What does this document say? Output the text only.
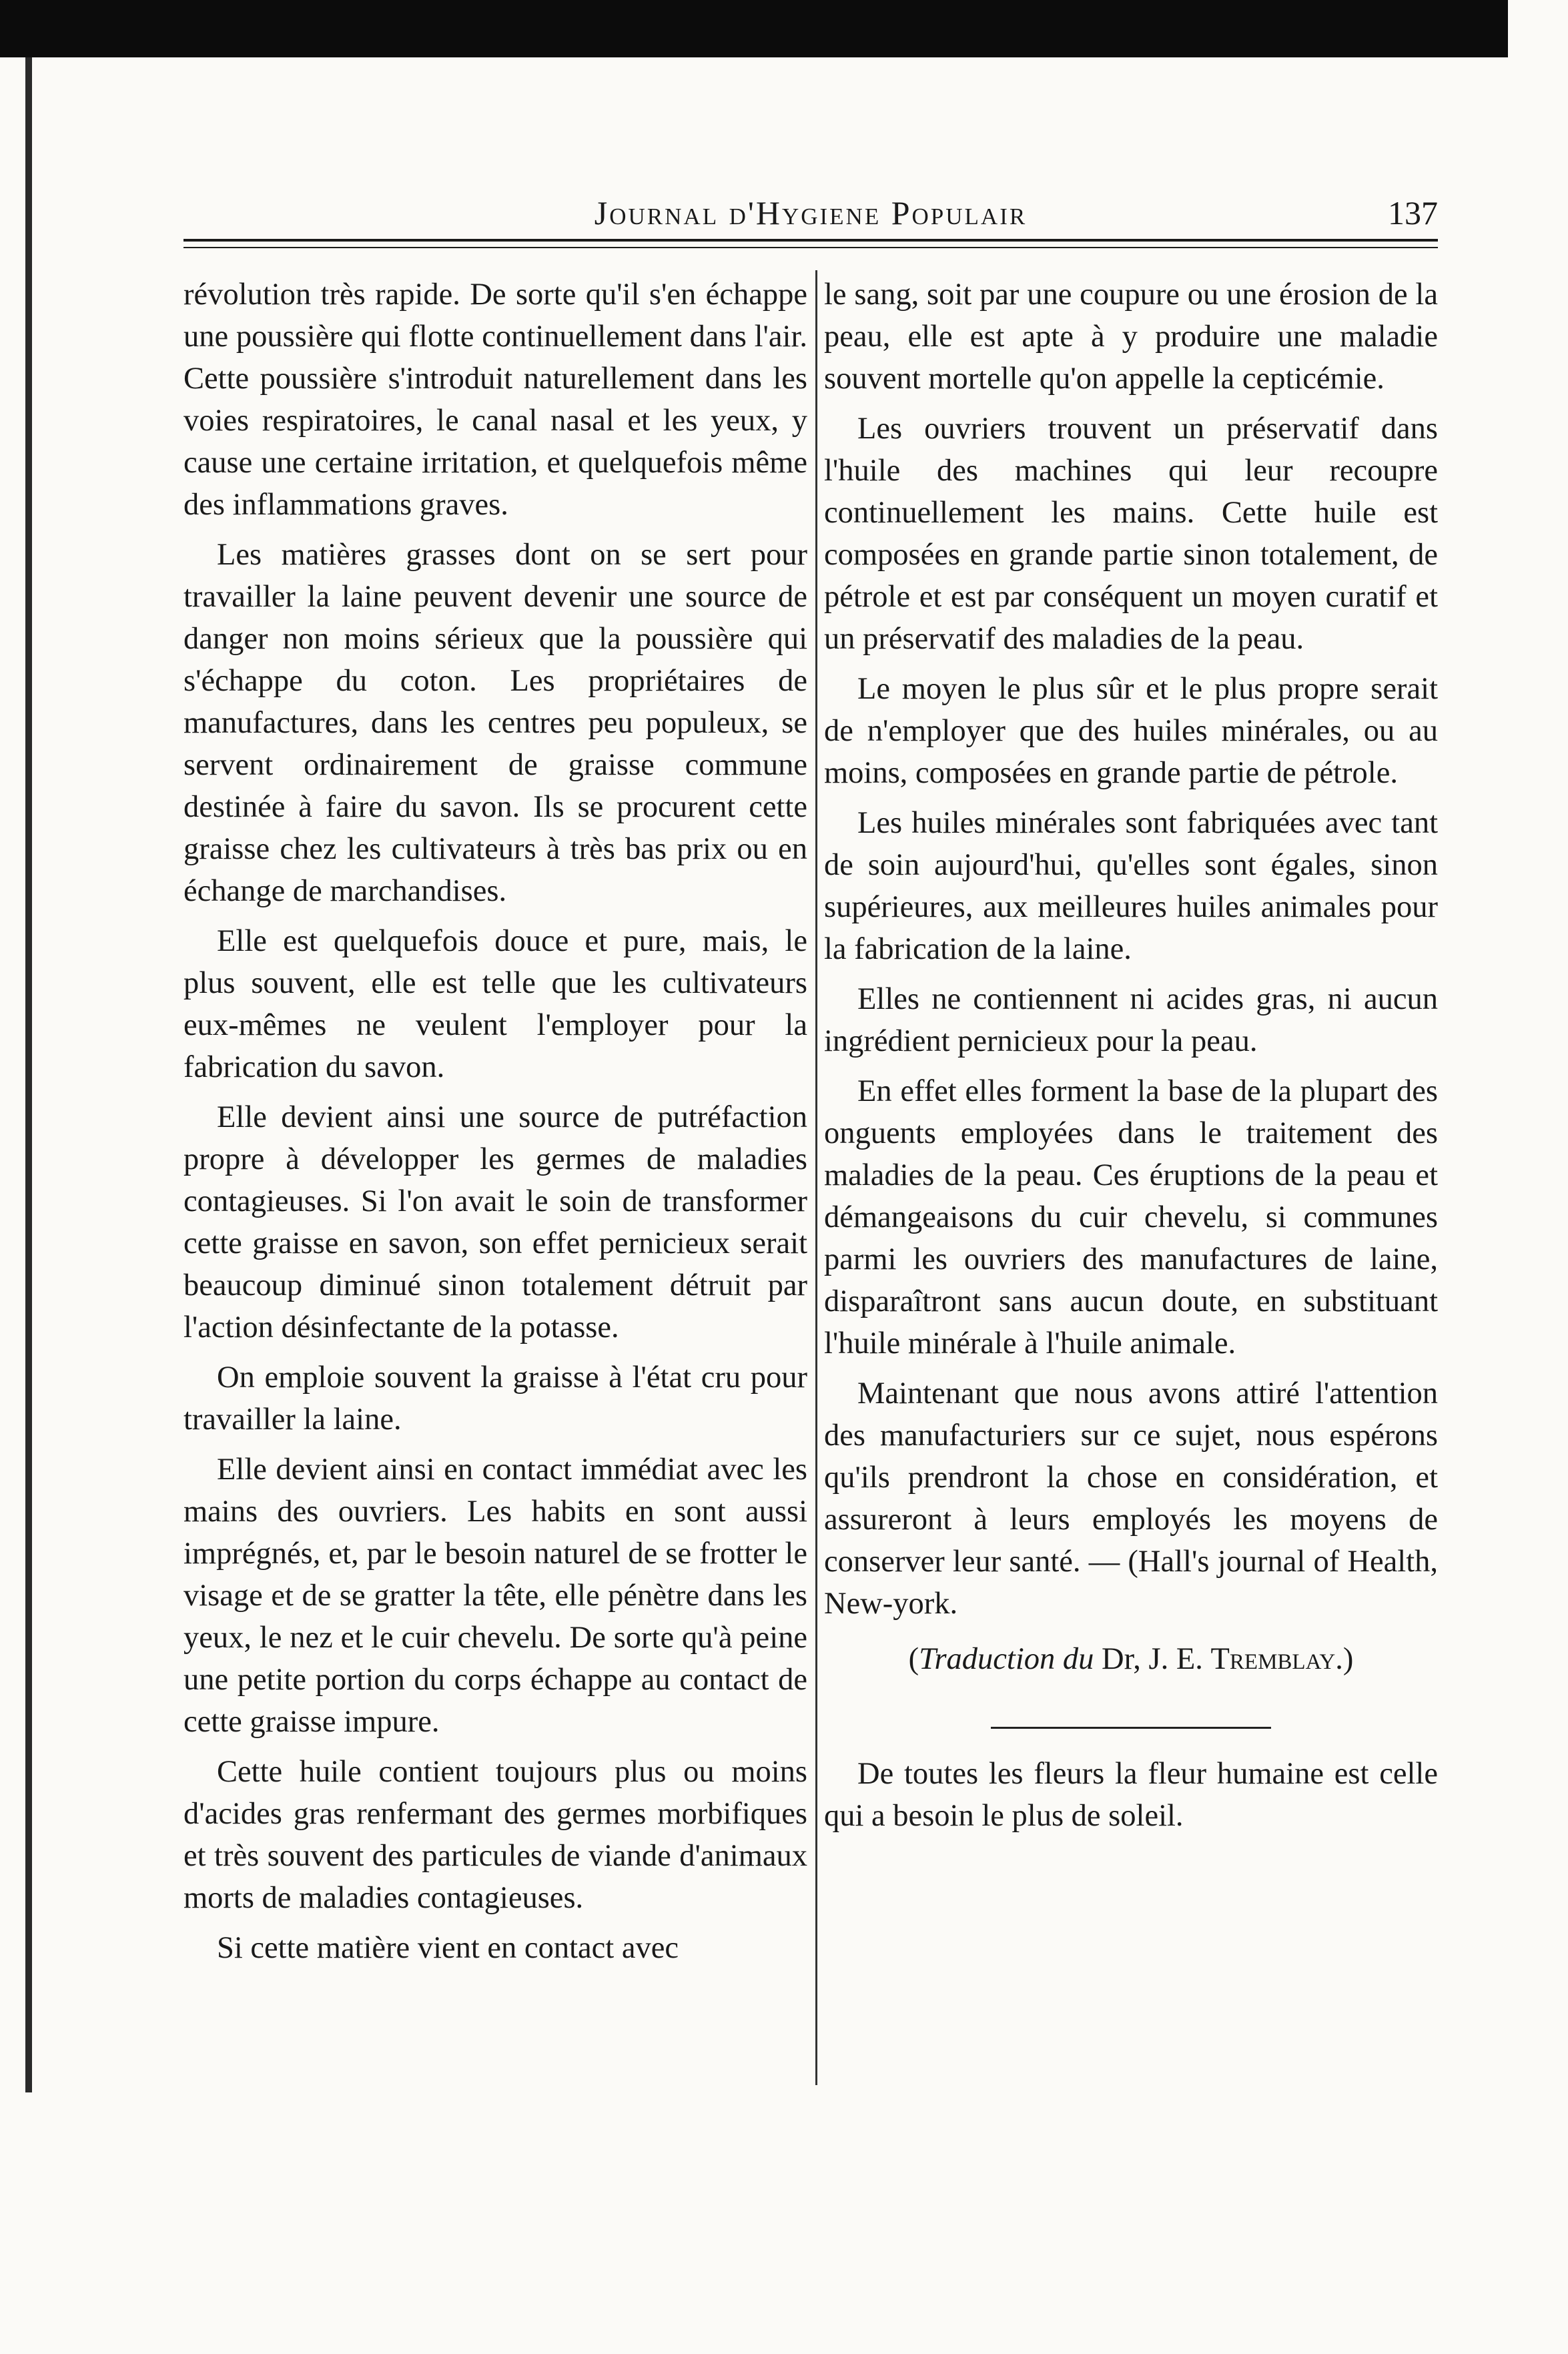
Journal d'Hygiene Populair	137

révolution très rapide. De sorte qu'il s'en échappe une poussière qui flotte continuellement dans l'air. Cette poussière s'introduit naturellement dans les voies respiratoires, le canal nasal et les yeux, y cause une certaine irritation, et quelquefois même des inflammations graves.

Les matières grasses dont on se sert pour travailler la laine peuvent devenir une source de danger non moins sérieux que la poussière qui s'échappe du coton. Les propriétaires de manufactures, dans les centres peu populeux, se servent ordinairement de graisse commune destinée à faire du savon. Ils se procurent cette graisse chez les cultivateurs à très bas prix ou en échange de marchandises.

Elle est quelquefois douce et pure, mais, le plus souvent, elle est telle que les cultivateurs eux-mêmes ne veulent l'employer pour la fabrication du savon.

Elle devient ainsi une source de putréfaction propre à développer les germes de maladies contagieuses. Si l'on avait le soin de transformer cette graisse en savon, son effet pernicieux serait beaucoup diminué sinon totalement détruit par l'action désinfectante de la potasse.

On emploie souvent la graisse à l'état cru pour travailler la laine.

Elle devient ainsi en contact immédiat avec les mains des ouvriers. Les habits en sont aussi imprégnés, et, par le besoin naturel de se frotter le visage et de se gratter la tête, elle pénètre dans les yeux, le nez et le cuir chevelu. De sorte qu'à peine une petite portion du corps échappe au contact de cette graisse impure.

Cette huile contient toujours plus ou moins d'acides gras renfermant des germes morbifiques et très souvent des particules de viande d'animaux morts de maladies contagieuses.

Si cette matière vient en contact avec

le sang, soit par une coupure ou une érosion de la peau, elle est apte à y produire une maladie souvent mortelle qu'on appelle la cepticémie.

Les ouvriers trouvent un préservatif dans l'huile des machines qui leur recoupre continuellement les mains. Cette huile est composées en grande partie sinon totalement, de pétrole et est par conséquent un moyen curatif et un préservatif des maladies de la peau.

Le moyen le plus sûr et le plus propre serait de n'employer que des huiles minérales, ou au moins, composées en grande partie de pétrole.

Les huiles minérales sont fabriquées avec tant de soin aujourd'hui, qu'elles sont égales, sinon supérieures, aux meilleures huiles animales pour la fabrication de la laine.

Elles ne contiennent ni acides gras, ni aucun ingrédient pernicieux pour la peau.

En effet elles forment la base de la plupart des onguents employées dans le traitement des maladies de la peau. Ces éruptions de la peau et démangeaisons du cuir chevelu, si communes parmi les ouvriers des manufactures de laine, disparaîtront sans aucun doute, en substituant l'huile minérale à l'huile animale.

Maintenant que nous avons attiré l'attention des manufacturiers sur ce sujet, nous espérons qu'ils prendront la chose en considération, et assureront à leurs employés les moyens de conserver leur santé. — (Hall's journal of Health, New-york.

(Traduction du Dr, J. E. Tremblay.)

De toutes les fleurs la fleur humaine est celle qui a besoin le plus de soleil.
